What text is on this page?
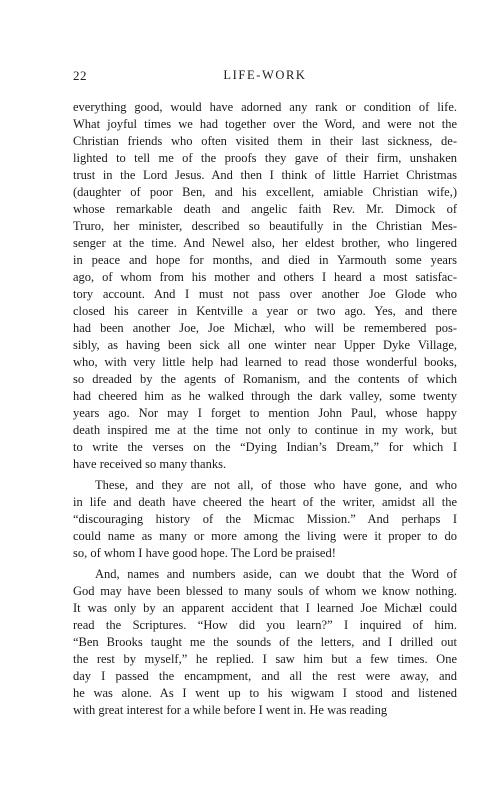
22	LIFE-WORK
everything good, would have adorned any rank or condition of life.
What joyful times we had together over the Word, and were not the
Christian friends who often visited them in their last sickness, de-
lighted to tell me of the proofs they gave of their firm, unshaken
trust in the Lord Jesus. And then I think of little Harriet Christmas
(daughter of poor Ben, and his excellent, amiable Christian wife,)
whose remarkable death and angelic faith Rev. Mr. Dimock of
Truro, her minister, described so beautifully in the Christian Mes-
senger at the time. And Newel also, her eldest brother, who lingered
in peace and hope for months, and died in Yarmouth some years
ago, of whom from his mother and others I heard a most satisfac-
tory account. And I must not pass over another Joe Glode who
closed his career in Kentville a year or two ago. Yes, and there
had been another Joe, Joe Michæl, who will be remembered pos-
sibly, as having been sick all one winter near Upper Dyke Village,
who, with very little help had learned to read those wonderful books,
so dreaded by the agents of Romanism, and the contents of which
had cheered him as he walked through the dark valley, some twenty
years ago. Nor may I forget to mention John Paul, whose happy
death inspired me at the time not only to continue in my work, but
to write the verses on the “Dying Indian’s Dream,” for which I
have received so many thanks.
These, and they are not all, of those who have gone, and who
in life and death have cheered the heart of the writer, amidst all the
“discouraging history of the Micmac Mission.” And perhaps I
could name as many or more among the living were it proper to do
so, of whom I have good hope. The Lord be praised!
And, names and numbers aside, can we doubt that the Word of
God may have been blessed to many souls of whom we know nothing.
It was only by an apparent accident that I learned Joe Michæl could
read the Scriptures. “How did you learn?” I inquired of him.
“Ben Brooks taught me the sounds of the letters, and I drilled out
the rest by myself,” he replied. I saw him but a few times. One
day I passed the encampment, and all the rest were away, and
he was alone. As I went up to his wigwam I stood and listened
with great interest for a while before I went in. He was reading
